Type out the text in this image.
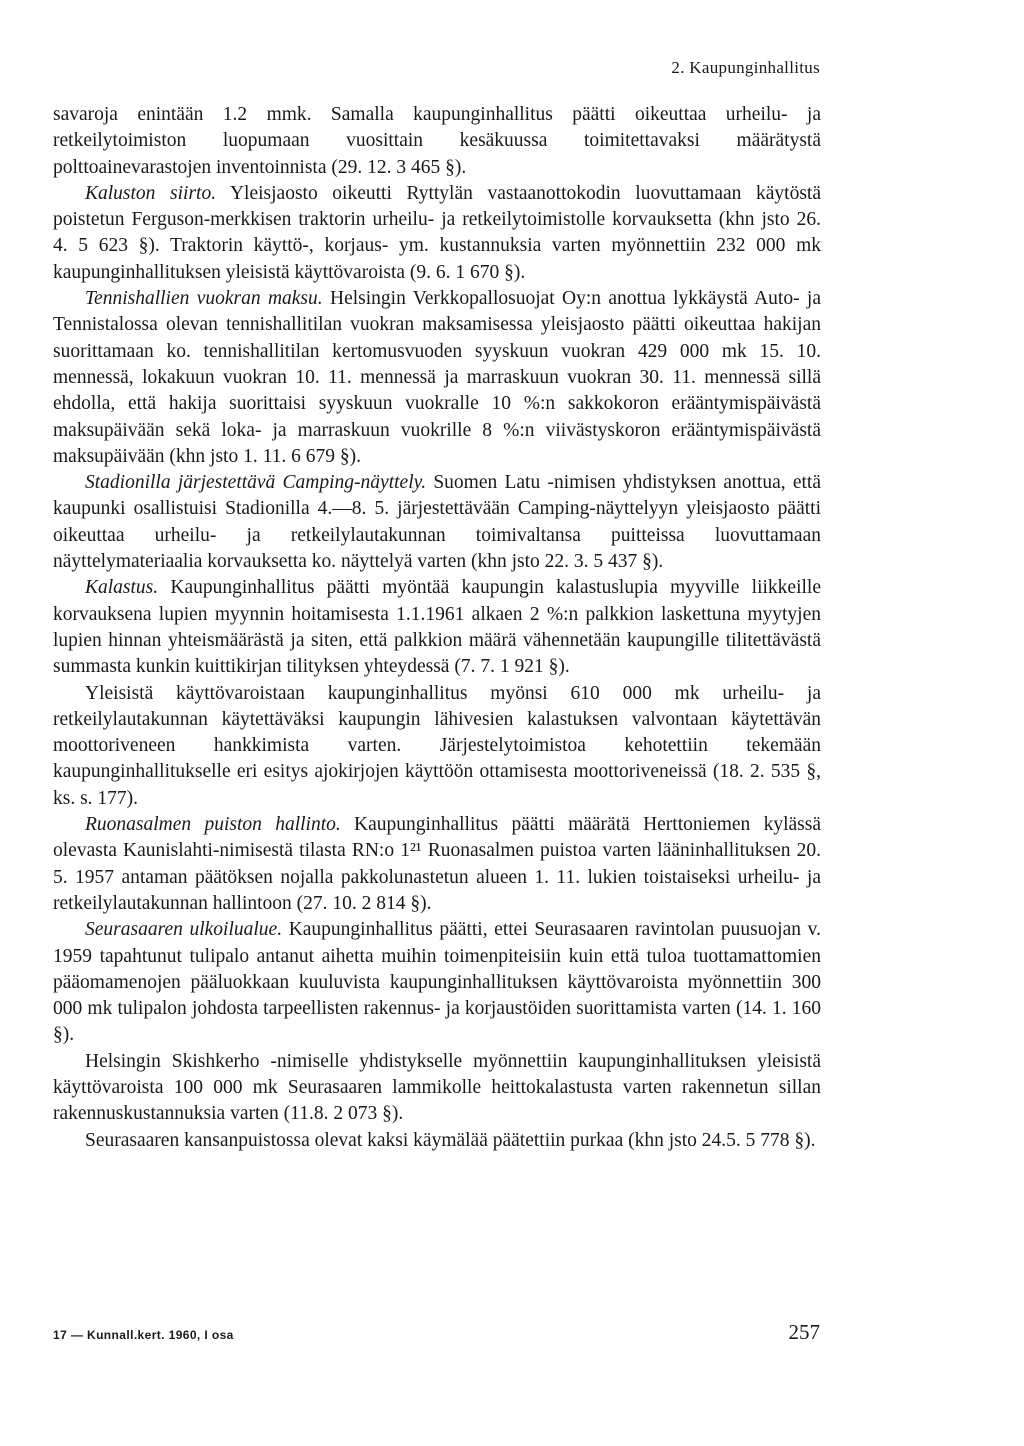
2. Kaupunginhallitus

savaroja enintään 1.2 mmk. Samalla kaupunginhallitus päätti oikeuttaa urheilu- ja retkeilytoimiston luopumaan vuosittain kesäkuussa toimitettavaksi määrätystä polttoainevarastojen inventoinnista (29. 12. 3 465 §).

Kaluston siirto. Yleisjaosto oikeutti Ryttylän vastaanottokodin luovuttamaan käytöstä poistetun Ferguson-merkkisen traktorin urheilu- ja retkeilytoimistolle korvauksetta (khn jsto 26. 4. 5 623 §). Traktorin käyttö-, korjaus- ym. kustannuksia varten myönnettiin 232 000 mk kaupunginhallituksen yleisistä käyttövaroista (9. 6. 1 670 §).

Tennishallien vuokran maksu. Helsingin Verkkopallosuojat Oy:n anottua lykkäystä Auto- ja Tennistalossa olevan tennishallitilan vuokran maksamisessa yleisjaosto päätti oikeuttaa hakijan suorittamaan ko. tennishallitilan kertomusvuoden syyskuun vuokran 429 000 mk 15. 10. mennessä, lokakuun vuokran 10. 11. mennessä ja marraskuun vuokran 30. 11. mennessä sillä ehdolla, että hakija suorittaisi syyskuun vuokralle 10 %:n sakkokoron erääntymispäivästä maksupäivään sekä loka- ja marraskuun vuokrille 8 %:n viivästyskoron erääntymispäivästä maksupäivään (khn jsto 1. 11. 6 679 §).

Stadionilla järjestettävä Camping-näyttely. Suomen Latu -nimisen yhdistyksen anottua, että kaupunki osallistuisi Stadionilla 4.—8. 5. järjestettävään Camping-näyttelyyn yleisjaosto päätti oikeuttaa urheilu- ja retkeilylautakunnan toimivaltansa puitteissa luovuttamaan näyttelymateriaalia korvauksetta ko. näyttelyä varten (khn jsto 22. 3. 5 437 §).

Kalastus. Kaupunginhallitus päätti myöntää kaupungin kalastuslupia myyville liikkeille korvauksena lupien myynnin hoitamisesta 1.1.1961 alkaen 2 %:n palkkion laskettuna myytyjen lupien hinnan yhteismäärästä ja siten, että palkkion määrä vähennetään kaupungille tilitettävästä summasta kunkin kuittikirjan tilityksen yhteydessä (7. 7. 1 921 §).

Yleisistä käyttövaroistaan kaupunginhallitus myönsi 610 000 mk urheilu- ja retkeilylautakunnan käytettäväksi kaupungin lähivesien kalastuksen valvontaan käytettävän moottoriveneen hankkimista varten. Järjestelytoimistoa kehotettiin tekemään kaupunginhallitukselle eri esitys ajokirjojen käyttöön ottamisesta moottoriveneissä (18. 2. 535 §, ks. s. 177).

Ruonasalmen puiston hallinto. Kaupunginhallitus päätti määrätä Herttoniemen kylässä olevasta Kaunislahti-nimisestä tilasta RN:o 1²¹ Ruonasalmen puistoa varten lääninhallituksen 20. 5. 1957 antaman päätöksen nojalla pakkolunastetun alueen 1. 11. lukien toistaiseksi urheilu- ja retkeilylautakunnan hallintoon (27. 10. 2 814 §).

Seurasaaren ulkoilualue. Kaupunginhallitus päätti, ettei Seurasaaren ravintolan puusuojan v. 1959 tapahtunut tulipalo antanut aihetta muihin toimenpiteisiin kuin että tuloa tuottamattomien pääomamenojen pääluokkaan kuuluvista kaupunginhallituksen käyttövaroista myönnettiin 300 000 mk tulipalon johdosta tarpeellisten rakennus- ja korjaustöiden suorittamista varten (14. 1. 160 §).

Helsingin Skishkerho -nimiselle yhdistykselle myönnettiin kaupunginhallituksen yleisistä käyttövaroista 100 000 mk Seurasaaren lammikolle heittokalastusta varten rakennetun sillan rakennuskustannuksia varten (11.8. 2 073 §).

Seurasaaren kansanpuistossa olevat kaksi käymälää päätettiin purkaa (khn jsto 24.5. 5 778 §).

17 — Kunnall.kert. 1960, I osa	257
